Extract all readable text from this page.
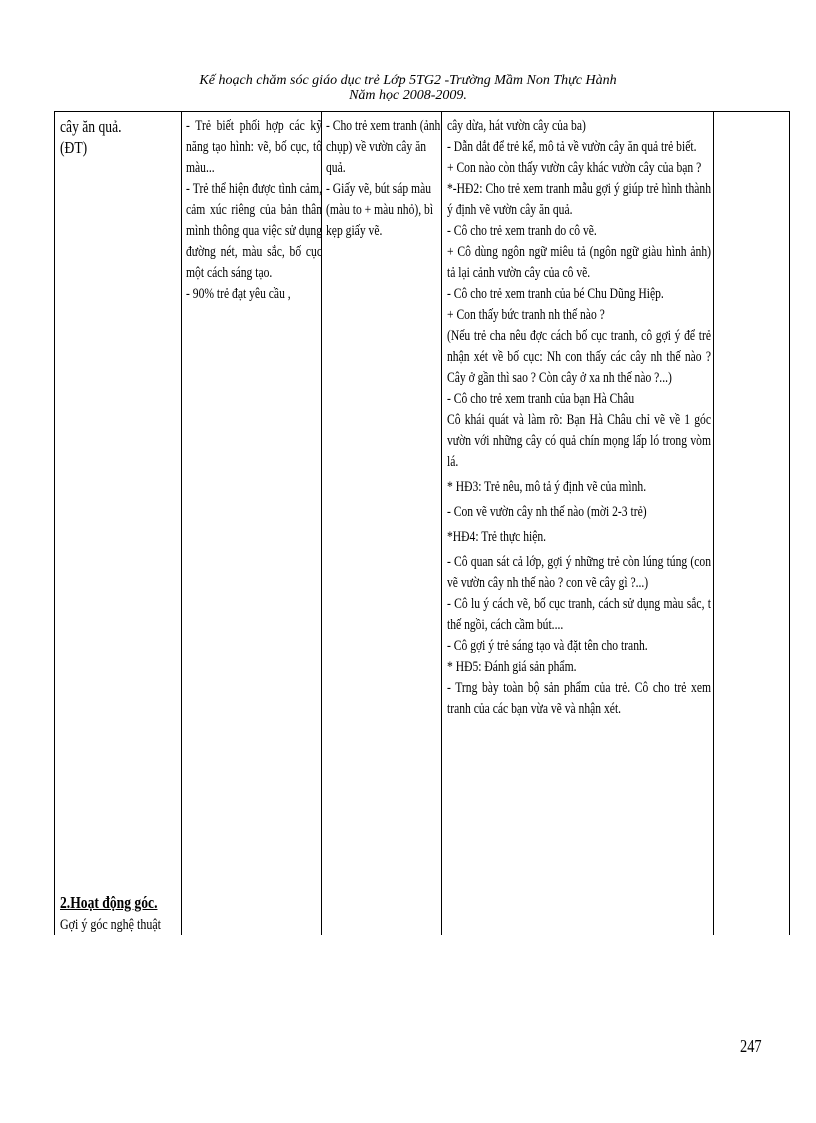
Kế hoạch chăm sóc giáo dục trẻ Lớp 5TG2 -Trường Mầm Non Thực Hành
Năm học 2008-2009.

cây ăn quả.

(ĐT)

- Trẻ biết phối hợp các kỹ năng tạo hình: vẽ, bố cục, tô màu...

- Trẻ thể hiện được tình cảm, cảm xúc riêng của bản thân mình thông qua việc sử dụng đường nét, màu sắc, bố cục một cách sáng tạo.

- 90% trẻ đạt yêu cầu ,

- Cho trẻ xem tranh (ảnh chụp) về vườn cây ăn quả.

- Giấy vẽ, bút sáp màu (màu to + màu nhỏ), bì kẹp giấy vẽ.

cây dừa, hát vườn cây của ba)

- Dẫn dắt để trẻ kể, mô tả về vườn cây ăn quả trẻ biết.

+ Con nào còn thấy vườn cây khác vườn cây của bạn ?

*-HĐ2: Cho trẻ xem tranh mẫu gợi ý giúp trẻ hình thành ý định vẽ vườn cây ăn quả.

- Cô cho trẻ xem tranh do cô vẽ.

+ Cô dùng ngôn ngữ miêu tả (ngôn ngữ giàu hình ảnh) tả lại cảnh vườn cây của cô vẽ.

- Cô cho trẻ xem tranh của bé Chu Dũng Hiệp.

+ Con thấy bức tranh nh thế nào ?

(Nếu trẻ cha nêu đợc cách bố cục tranh, cô gợi ý để trẻ nhận xét về bố cục: Nh con thấy các cây nh thế nào ? Cây ở gần thì sao ? Còn cây ở xa nh thế nào ?...)

- Cô cho trẻ xem tranh của bạn Hà Châu

Cô khái quát và làm rõ: Bạn Hà Châu chỉ vẽ về 1 góc vườn với những cây có quả chín mọng lấp ló trong vòm lá.

* HĐ3: Trẻ nêu, mô tả ý định vẽ của mình.

- Con vẽ vườn cây nh thế nào (mời 2-3 trẻ)

*HĐ4: Trẻ thực hiện.

- Cô quan sát cả lớp, gợi ý những trẻ còn lúng túng (con vẽ vườn cây nh thế nào ? con vẽ cây gì ?...)

- Cô lu ý cách vẽ, bố cục tranh, cách sử dụng màu sắc, t thế ngồi, cách cầm bút....

- Cô gợi ý trẻ sáng tạo và đặt tên cho tranh.

* HĐ5: Đánh giá sản phẩm.

- Trng bày toàn bộ sản phẩm của trẻ. Cô cho trẻ xem tranh của các bạn vừa vẽ và nhận xét.

2.Hoạt động góc.
Gợi ý góc nghệ thuật
247
